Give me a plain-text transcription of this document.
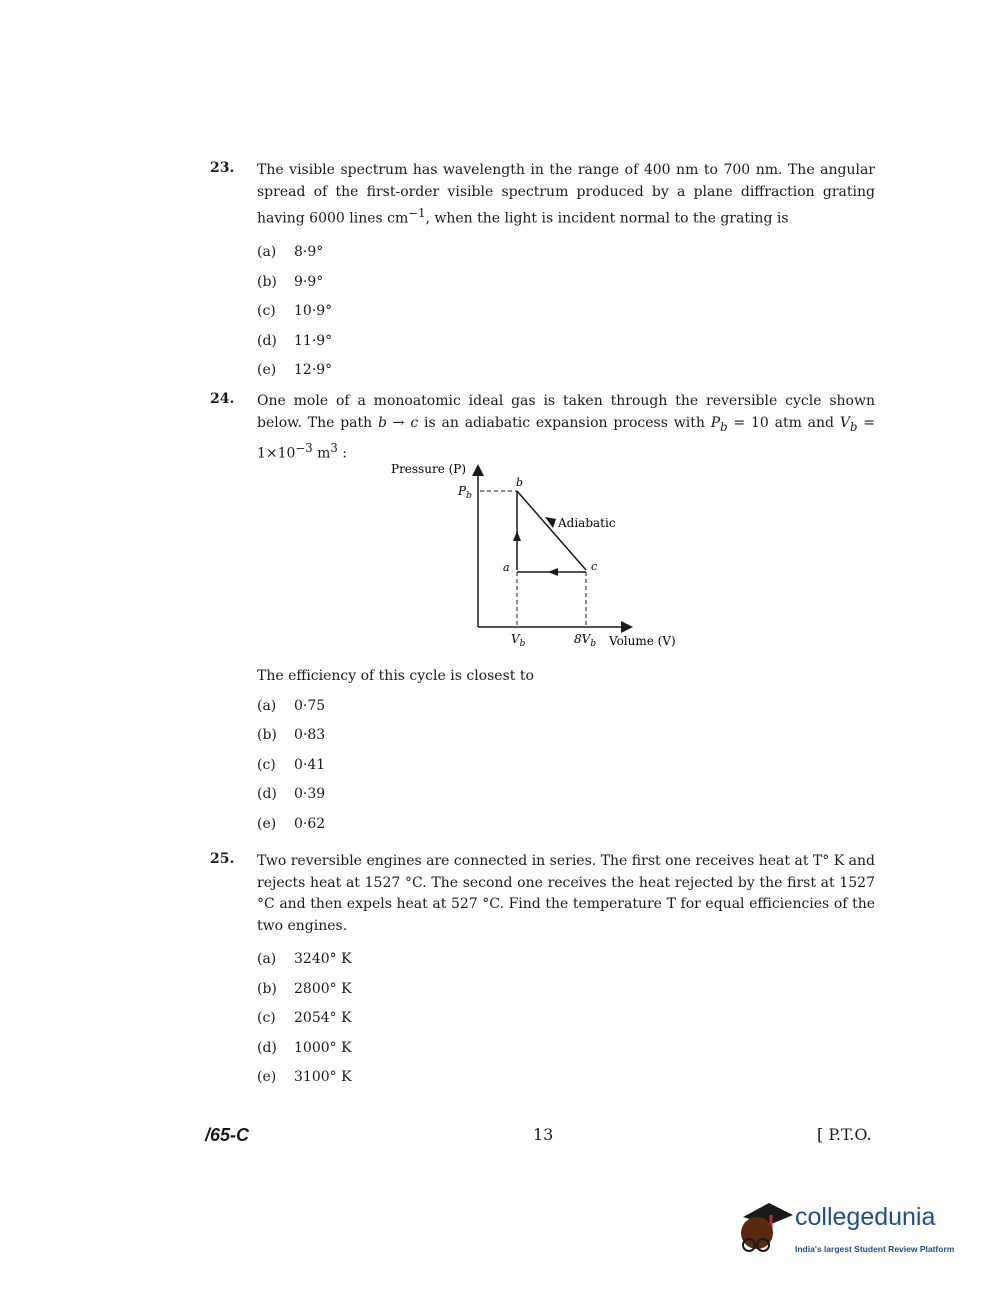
23. The visible spectrum has wavelength in the range of 400 nm to 700 nm. The angular spread of the first-order visible spectrum produced by a plane diffraction grating having 6000 lines $cm^{-1}$, when the light is incident normal to the grating is
(a) 8·9°
(b) 9·9°
(c) 10·9°
(d) 11·9°
(e) 12·9°
24. One mole of a monoatomic ideal gas is taken through the reversible cycle shown below. The path b → c is an adiabatic expansion process with $P_b = 10$ atm and $V_b = 1\times 10^{-3}$ $m^3$ :
Pressure (P)
$P_b$
Adiabatic
b
a	c
$V_b$	$8V_b$ Volume (V)
The efficiency of this cycle is closest to
(a) 0·75
(b) 0·83
(c) 0·41
(d) 0·39
(e) 0·62
25. Two reversible engines are connected in series. The first one receives heat at T° K and rejects heat at 1527 °C. The second one receives the heat rejected by the first at 1527 °C and then expels heat at 527 °C. Find the temperature T for equal efficiencies of the two engines.
(a) 3240° K
(b) 2800° K
(c) 2054° K
(d) 1000° K
(e) 3100° K
/65-C	13	[ P.T.O.
collegedunia
India's largest Student Review Platform
